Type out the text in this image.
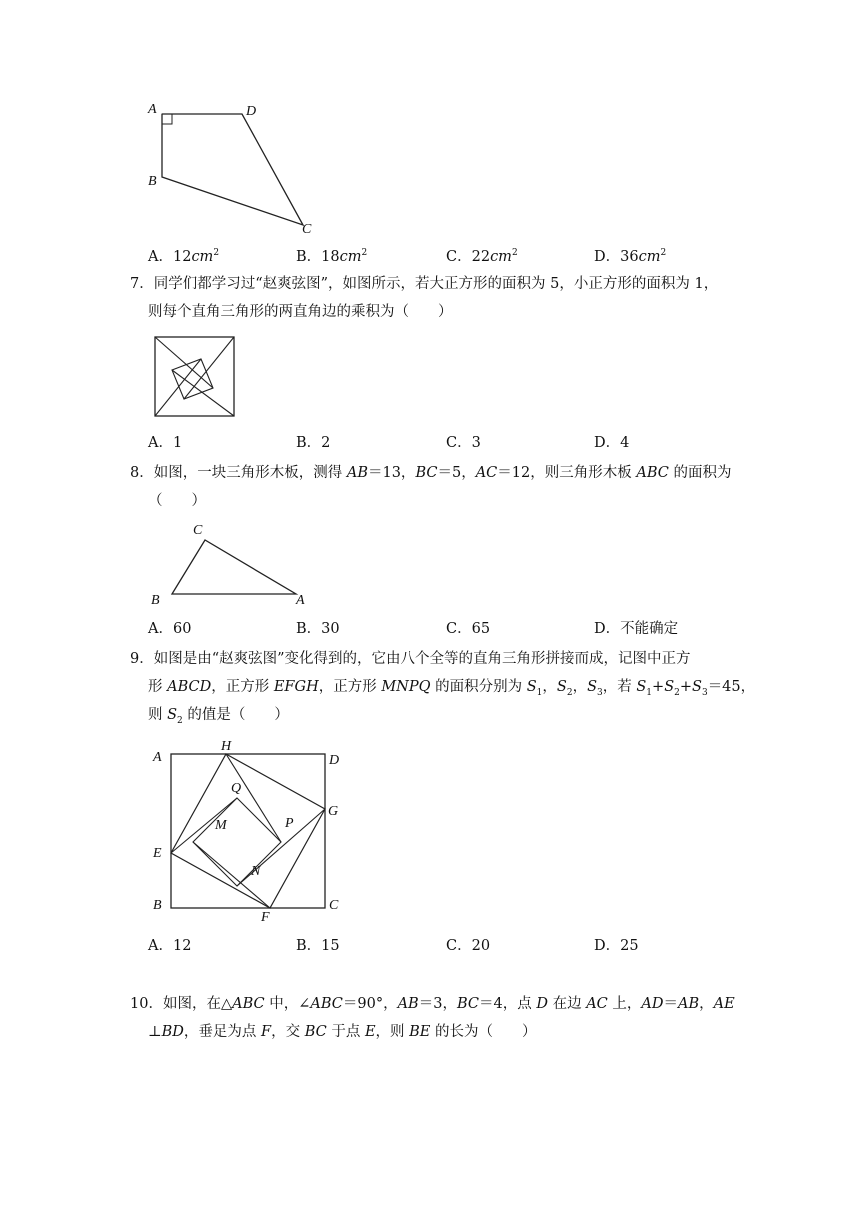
A	D
B
C
A．$12cm^2$	B．$18cm^2$	C．$22cm^2$	D．$36cm^2$
7．同学们都学习过“赵爽弦图”，如图所示，若大正方形的面积为 5，小正方形的面积为 1，
则每个直角三角形的两直角边的乘积为（　　）
A．1	B．2	C．3	D．4
8．如图，一块三角形木板，测得 AB＝13，BC＝5，AC＝12，则三角形木板 ABC 的面积为
（　　）
C
B	A
A．60	B．30	C．65	D．不能确定
9．如图是由“赵爽弦图”变化得到的，它由八个全等的直角三角形拼接而成，记图中正方
形 ABCD，正方形 EFGH，正方形 MNPQ 的面积分别为 $S_1$，$S_2$，$S_3$，若 $S_1+S_2+S_3=45$，
则 $S_2$ 的值是（　　）
A
H
D
G
E
B
F
C
Q
M	P
N
A．12	B．15	C．20	D．25
10．如图，在△ABC 中，∠ABC＝90°，AB＝3，BC＝4，点 D 在边 AC 上，AD＝AB，AE
⊥BD，垂足为点 F，交 BC 于点 E，则 BE 的长为（　　）
